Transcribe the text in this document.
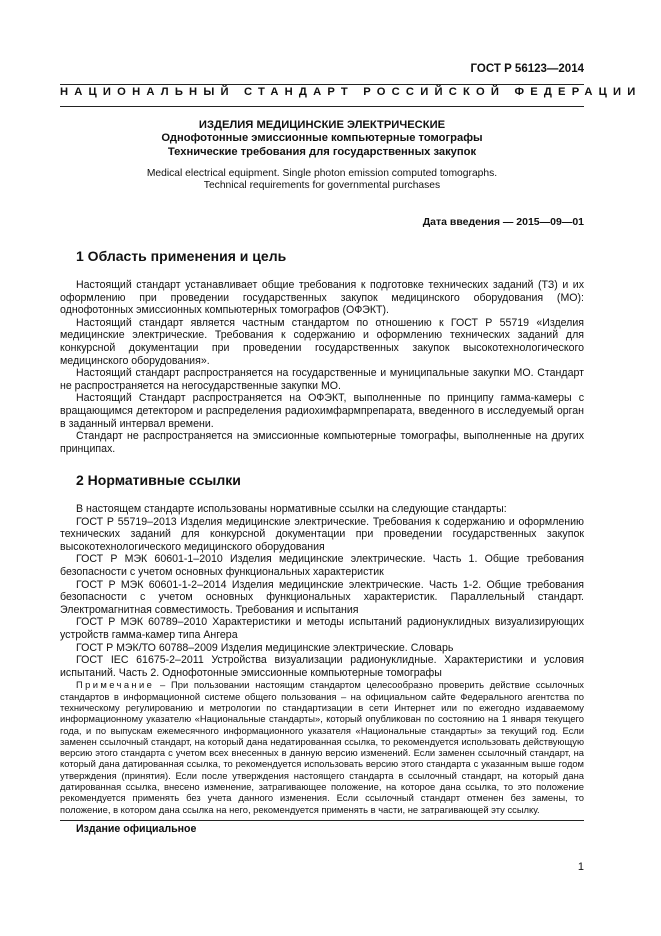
ГОСТ Р 56123—2014
НАЦИОНАЛЬНЫЙ СТАНДАРТ РОССИЙСКОЙ ФЕДЕРАЦИИ
ИЗДЕЛИЯ МЕДИЦИНСКИЕ ЭЛЕКТРИЧЕСКИЕ
Однофотонные эмиссионные компьютерные томографы
Технические требования для государственных закупок
Medical electrical equipment. Single photon emission computed tomographs.
Technical requirements for governmental purchases
Дата введения — 2015—09—01
1 Область применения и цель

Настоящий стандарт устанавливает общие требования к подготовке технических заданий (ТЗ) и их оформлению при проведении государственных закупок медицинского оборудования (МО): однофотонных эмиссионных компьютерных томографов (ОФЭКТ).

Настоящий стандарт является частным стандартом по отношению к ГОСТ Р 55719 «Изделия медицинские электрические. Требования к содержанию и оформлению технических заданий для конкурсной документации при проведении государственных закупок высокотехнологического медицинского оборудования».

Настоящий стандарт распространяется на государственные и муниципальные закупки МО. Стандарт не распространяется на негосударственные закупки МО.

Настоящий Стандарт распространяется на ОФЭКТ, выполненные по принципу гамма-камеры с вращающимся детектором и распределения радиохимфармпрепарата, введенного в исследуемый орган в заданный интервал времени.

Стандарт не распространяется на эмиссионные компьютерные томографы, выполненные на других принципах.

2 Нормативные ссылки

В настоящем стандарте использованы нормативные ссылки на следующие стандарты:

ГОСТ Р 55719–2013 Изделия медицинские электрические. Требования к содержанию и оформлению технических заданий для конкурсной документации при проведении государственных закупок высокотехнологического медицинского оборудования

ГОСТ Р МЭК 60601-1–2010 Изделия медицинские электрические. Часть 1. Общие требования безопасности с учетом основных функциональных характеристик

ГОСТ Р МЭК 60601-1-2–2014 Изделия медицинские электрические. Часть 1-2. Общие требования безопасности с учетом основных функциональных характеристик. Параллельный стандарт. Электромагнитная совместимость. Требования и испытания

ГОСТ Р МЭК 60789–2010 Характеристики и методы испытаний радионуклидных визуализирующих устройств гамма-камер типа Ангера

ГОСТ Р МЭК/ТО 60788–2009 Изделия медицинские электрические. Словарь

ГОСТ IEC 61675-2–2011 Устройства визуализации радионуклидные. Характеристики и условия испытаний. Часть 2. Однофотонные эмиссионные компьютерные томографы

Примечание – При пользовании настоящим стандартом целесообразно проверить действие ссылочных стандартов в информационной системе общего пользования – на официальном сайте Федерального агентства по техническому регулированию и метрологии по стандартизации в сети Интернет или по ежегодно издаваемому информационному указателю «Национальные стандарты», который опубликован по состоянию на 1 января текущего года, и по выпускам ежемесячного информационного указателя «Национальные стандарты» за текущий год. Если заменен ссылочный стандарт, на который дана недатированная ссылка, то рекомендуется использовать действующую версию этого стандарта с учетом всех внесенных в данную версию изменений. Если заменен ссылочный стандарт, на который дана датированная ссылка, то рекомендуется использовать версию этого стандарта с указанным выше годом утверждения (принятия). Если после утверждения настоящего стандарта в ссылочный стандарт, на который дана датированная ссылка, внесено изменение, затрагивающее положение, на которое дана ссылка, то это положение рекомендуется применять без учета данного изменения. Если ссылочный стандарт отменен без замены, то положение, в котором дана ссылка на него, рекомендуется применять в части, не затрагивающей эту ссылку.

Издание официальное
1
